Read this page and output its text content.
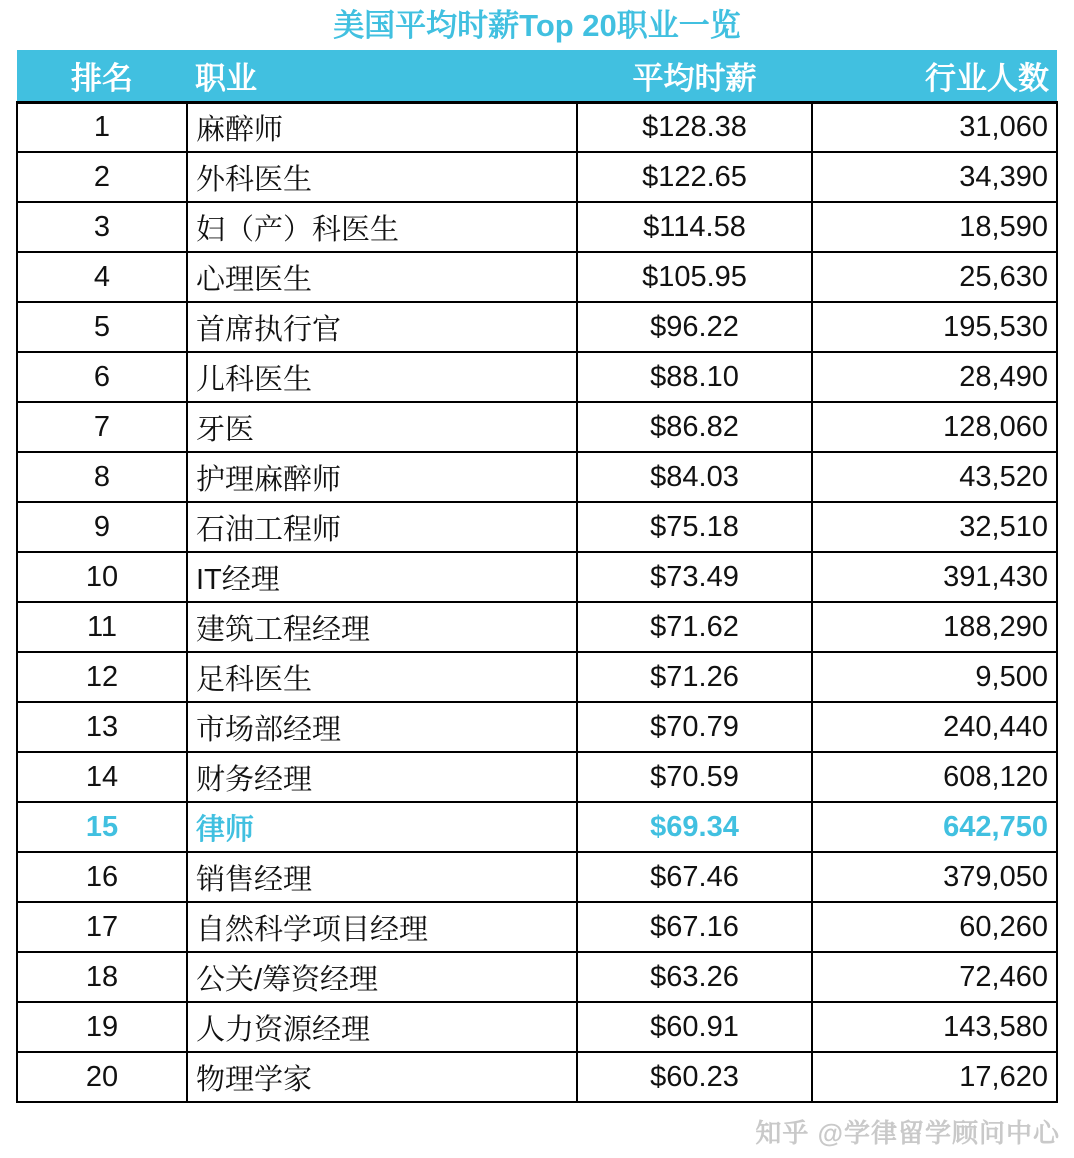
美国平均时薪Top 20职业一览
排名	职业	平均时薪	行业人数
1	麻醉师	$128.38	31,060
2	外科医生	$122.65	34,390
3	妇（产）科医生	$114.58	18,590
4	心理医生	$105.95	25,630
5	首席执行官	$96.22	195,530
6	儿科医生	$88.10	28,490
7	牙医	$86.82	128,060
8	护理麻醉师	$84.03	43,520
9	石油工程师	$75.18	32,510
10	IT经理	$73.49	391,430
11	建筑工程经理	$71.62	188,290
12	足科医生	$71.26	9,500
13	市场部经理	$70.79	240,440
14	财务经理	$70.59	608,120
15	律师	$69.34	642,750
16	销售经理	$67.46	379,050
17	自然科学项目经理	$67.16	60,260
18	公关/筹资经理	$63.26	72,460
19	人力资源经理	$60.91	143,580
20	物理学家	$60.23	17,620
知乎 @学律留学顾问中心
